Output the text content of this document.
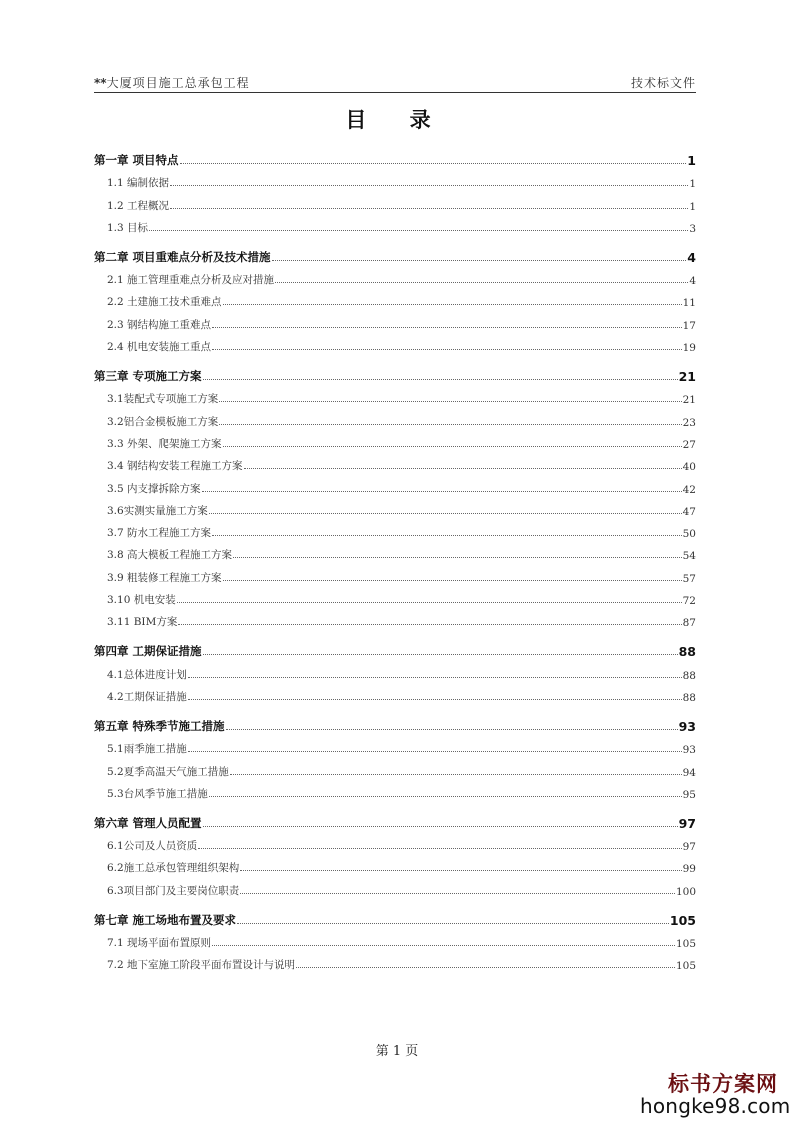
**大厦项目施工总承包工程	技术标文件
目 录
第一章 项目特点	1
1.1 编制依据	1
1.2 工程概况	1
1.3 目标	3
第二章 项目重难点分析及技术措施	4
2.1 施工管理重难点分析及应对措施	4
2.2 土建施工技术重难点	11
2.3 钢结构施工重难点	17
2.4 机电安装施工重点	19
第三章 专项施工方案	21
3.1装配式专项施工方案	21
3.2铝合金模板施工方案	23
3.3 外架、爬架施工方案	27
3.4 钢结构安装工程施工方案	40
3.5 内支撑拆除方案	42
3.6实测实量施工方案	47
3.7 防水工程施工方案	50
3.8 高大模板工程施工方案	54
3.9 粗装修工程施工方案	57
3.10 机电安装	72
3.11 BIM方案	87
第四章 工期保证措施	88
4.1总体进度计划	88
4.2工期保证措施	88
第五章 特殊季节施工措施	93
5.1雨季施工措施	93
5.2夏季高温天气施工措施	94
5.3台风季节施工措施	95
第六章 管理人员配置	97
6.1公司及人员资质	97
6.2施工总承包管理组织架构	99
6.3项目部门及主要岗位职责	100
第七章 施工场地布置及要求	105
7.1 现场平面布置原则	105
7.2 地下室施工阶段平面布置设计与说明	105
第 1 页
标书方案网
hongke98.com
